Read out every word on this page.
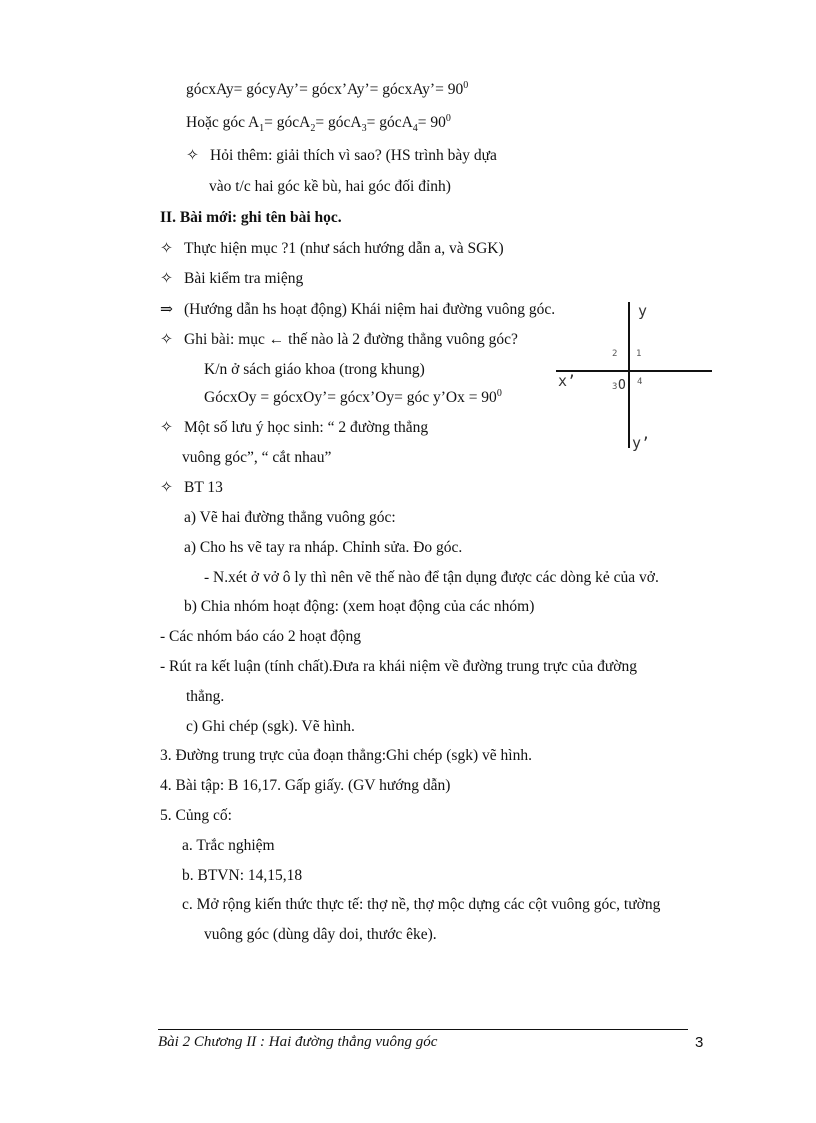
gócxAy= gócyAy’= gócx’Ay’= gócxAy’= $90^0$
Hoặc góc $A_1=$ gócA$_2$= gócA$_3$= gócA$_4$= $90^0$
✧ Hỏi thêm: giải thích vì sao? (HS trình bày dựa
vào t/c hai góc kề bù, hai góc đối đỉnh)
II. Bài mới: ghi tên bài học.
✧ Thực hiện mục ?1 (như sách hướng dẫn a, và SGK)
✧ Bài kiểm tra miệng
⇒ (Hướng dẫn hs hoạt động) Khái niệm hai đường vuông góc.
✧ Ghi bài: mục ← thế nào là 2 đường thẳng vuông góc?
K/n ở sách giáo khoa (trong khung)
GócxOy = gócxOy’= gócx’Oy= góc y’Ox = $90^0$
✧ Một số lưu ý học sinh: “ 2 đường thẳng
vuông góc”, “ cắt nhau”
✧ BT 13
a) Vẽ hai đường thẳng vuông góc:
a) Cho hs vẽ tay ra nháp. Chỉnh sửa. Đo góc.
- N.xét ở vở ô ly thì nên vẽ thế nào để tận dụng được các dòng kẻ của vở.
b) Chia nhóm hoạt động: (xem hoạt động của các nhóm)
- Các nhóm báo cáo 2 hoạt động
- Rút ra kết luận (tính chất).Đưa ra khái niệm về đường trung trực của đường
thẳng.
c) Ghi chép (sgk). Vẽ hình.
3. Đường trung trực của đoạn thẳng:Ghi chép (sgk) vẽ hình.
4. Bài tập: B 16,17. Gấp giấy. (GV hướng dẫn)
5. Củng cố:
a. Trắc nghiệm
b. BTVN: 14,15,18
c. Mở rộng kiến thức thực tế: thợ nề, thợ mộc dựng các cột vuông góc, tường
vuông góc (dùng dây doi, thước êke).
y
x’
y’
O
2 1
3 4
Bài 2 Chương II : Hai đường thẳng vuông góc	3
